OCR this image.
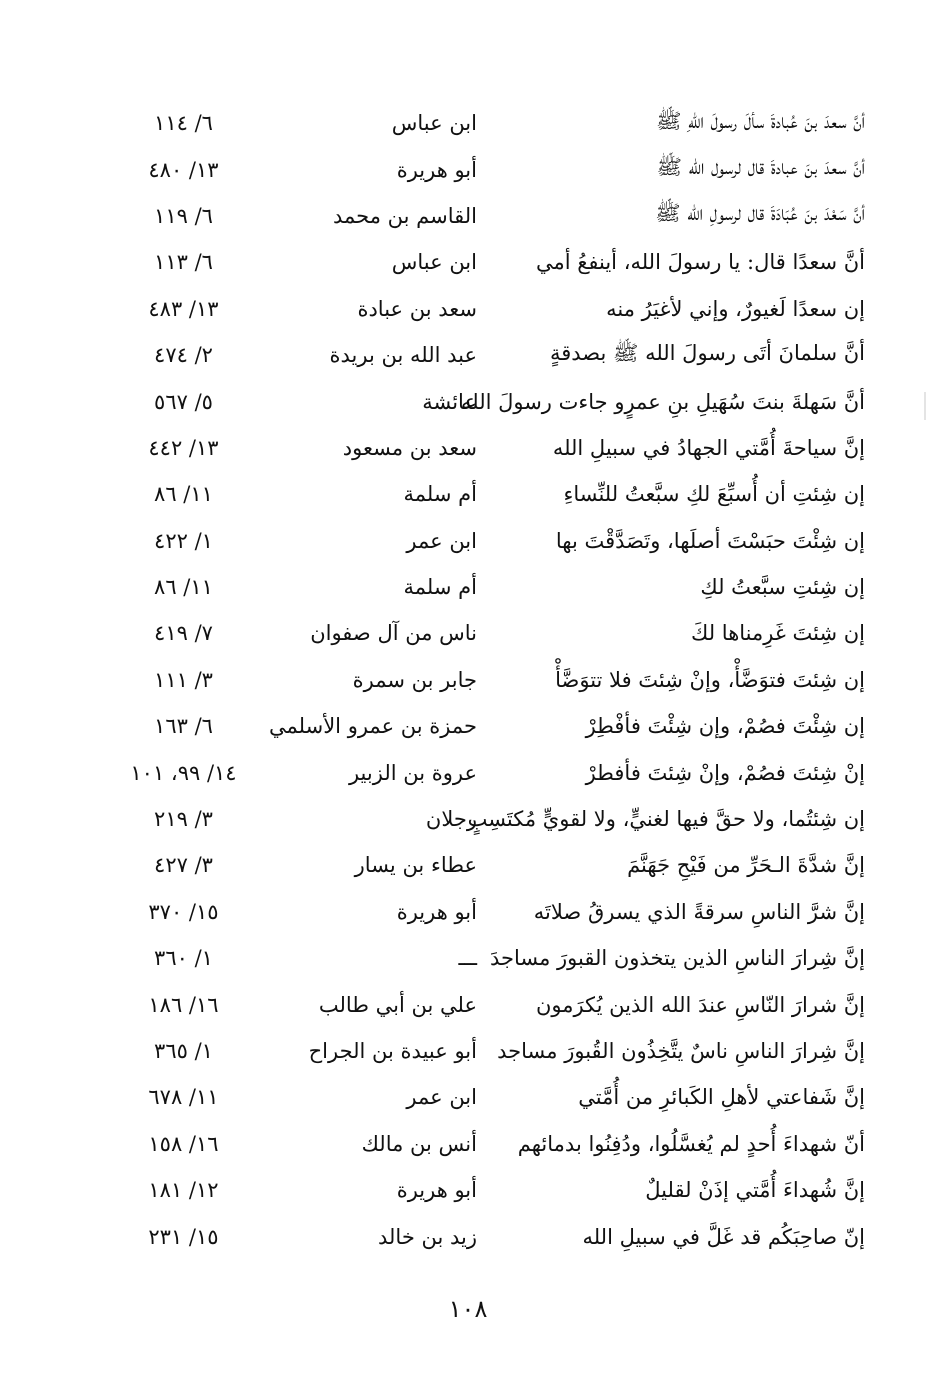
أنَّ سعدَ بنَ عُبادةَ سألَ رسولَ اللهِ ﷺ
ابن عباس
٦/ ١١٤
أنَّ سعدَ بنَ عبادةَ قال لرسول الله ﷺ
أبو هريرة
١٣/ ٤٨٠
أنَّ سَعْدَ بنَ عُبَادَةَ قال لرسولِ الله ﷺ
القاسم بن محمد
٦/ ١١٩
أنَّ سعدًا قال: يا رسولَ الله، أينفعُ أمي
ابن عباس
٦/ ١١٣
إن سعدًا لَغيورٌ، وإني لأغيَرُ منه
سعد بن عبادة
١٣/ ٤٨٣
أنَّ سلمانَ أتَى رسولَ الله ﷺ بصدقةٍ
عبد الله بن بريدة
٢/ ٤٧٤
أنَّ سَهلةَ بنتَ سُهَيلِ بنِ عمرٍو جاءت رسولَ الله
عائشة
٥/ ٥٦٧
إنَّ سياحةَ أُمَّتي الجهادُ في سبيلِ الله
سعد بن مسعود
١٣/ ٤٤٢
إن شِئتِ أن أُسبِّعَ لكِ سبَّعتُ للنِّساءِ
أم سلمة
١١/ ٨٦
إن شِئْتَ حبَسْتَ أصلَها، وتَصَدَّقْتَ بها
ابن عمر
١/ ٤٢٢
إن شِئتِ سبَّعتُ لكِ
أم سلمة
١١/ ٨٦
إن شِئتَ غَرِمناها لكَ
ناس من آل صفوان
٧/ ٤١٩
إن شِئتَ فتوَضَّأْ، وإنْ شِئتَ فلا تتوَضَّأْ
جابر بن سمرة
٣/ ١١١
إن شِئْتَ فصُمْ، وإن شِئْتَ فأفْطِرْ
حمزة بن عمرو الأسلمي
٦/ ١٦٣
إنْ شِئتَ فصُمْ، وإنْ شِئتَ فأفطرْ
عروة بن الزبير
١٤/ ٩٩، ١٠١
إن شِئتُما، ولا حقَّ فيها لغنيٍّ، ولا لقويٍّ مُكتَسِبٍ
رجلان
٣/ ٢١٩
إنَّ شدَّةَ الـحَرِّ من فَيْحِ جَهَنَّمَ
عطاء بن يسار
٣/ ٤٢٧
إنَّ شرَّ الناسِ سرقةً الذي يسرقُ صلاتَه
أبو هريرة
١٥/ ٣٧٠
إنَّ شِرارَ الناسِ الذين يتخذون القبورَ مساجدَ
ـــ
١/ ٣٦٠
إنَّ شرارَ النّاسِ عندَ الله الذين يُكرَمون
علي بن أبي طالب
١٦/ ١٨٦
إنَّ شِرارَ الناسِ ناسٌ يتَّخِذُون القُبورَ مساجد
أبو عبيدة بن الجراح
١/ ٣٦٥
إنَّ شَفاعتي لأهلِ الكَبائرِ من أُمَّتي
ابن عمر
١١/ ٦٧٨
أنّ شهداءَ أُحدٍ لم يُغسَّلُوا، ودُفِنُوا بدمائهم
أنس بن مالك
١٦/ ١٥٨
إنَّ شُهداءَ أُمَّتي إذَنْ لقليلٌ
أبو هريرة
١٢/ ١٨١
إنّ صاحِبَكُم قد غَلَّ في سبيلِ الله
زيد بن خالد
١٥/ ٢٣١
١٠٨
